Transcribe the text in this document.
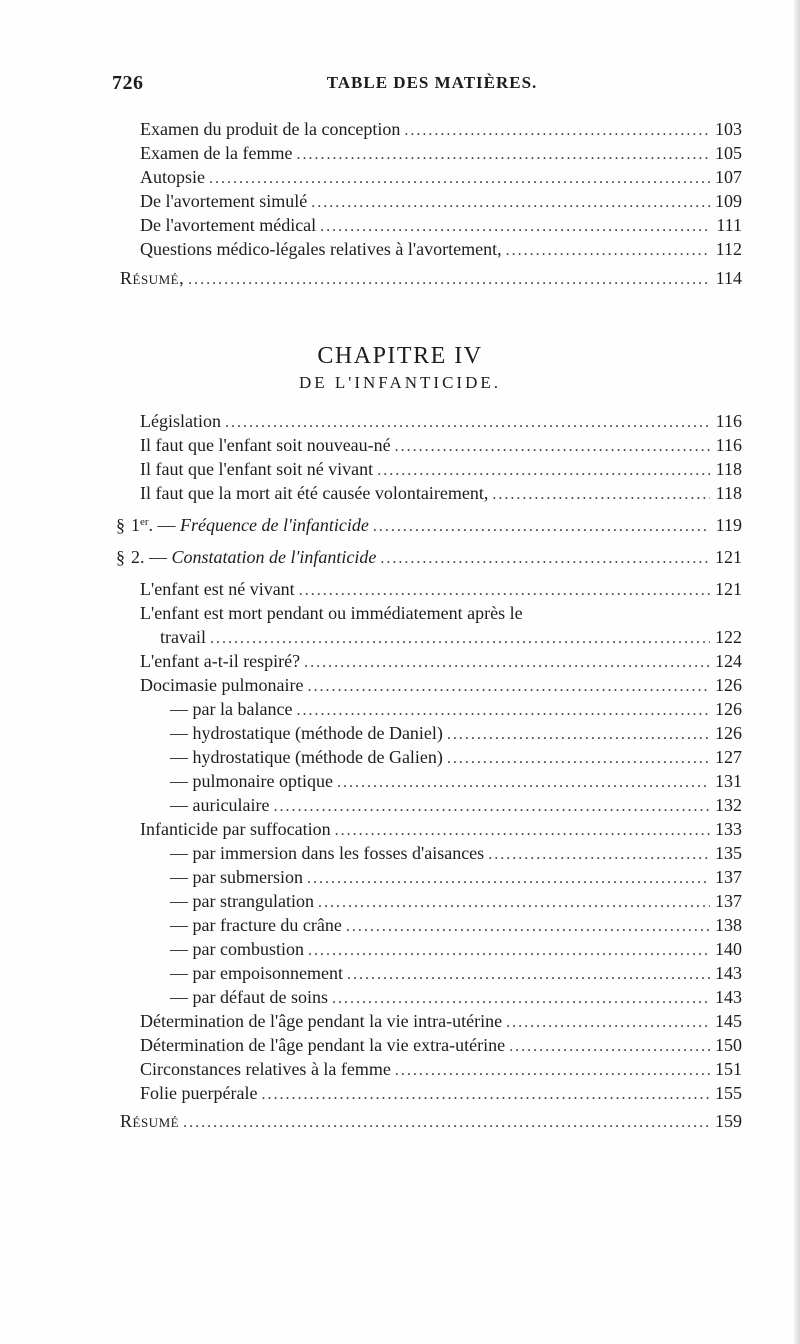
726	TABLE DES MATIÈRES.
Examen du produit de la conception .....	103
Examen de la femme .....	105
Autopsie .....	107
De l'avortement simulé .....	109
De l'avortement médical .....	111
Questions médico-légales relatives à l'avortement, .....	112
Résumé, .....	114
CHAPITRE IV
DE L'INFANTICIDE.
Législation .....	116
Il faut que l'enfant soit nouveau-né .....	116
Il faut que l'enfant soit né vivant .....	118
Il faut que la mort ait été causée volontairement, .....	118
§ 1er. — Fréquence de l'infanticide .....	119
§ 2. — Constatation de l'infanticide .....	121
L'enfant est né vivant .....	121
L'enfant est mort pendant ou immédiatement après le
travail .....	122
L'enfant a-t-il respiré? .....	124
Docimasie pulmonaire .....	126
— par la balance .....	126
— hydrostatique (méthode de Daniel) .....	126
— hydrostatique (méthode de Galien) .....	127
— pulmonaire optique .....	131
— auriculaire .....	132
Infanticide par suffocation .....	133
— par immersion dans les fosses d'aisances .....	135
— par submersion .....	137
— par strangulation .....	137
— par fracture du crâne .....	138
— par combustion .....	140
— par empoisonnement .....	143
— par défaut de soins .....	143
Détermination de l'âge pendant la vie intra-utérine .....	145
Détermination de l'âge pendant la vie extra-utérine .....	150
Circonstances relatives à la femme .....	151
Folie puerpérale .....	155
Résumé .....	159
